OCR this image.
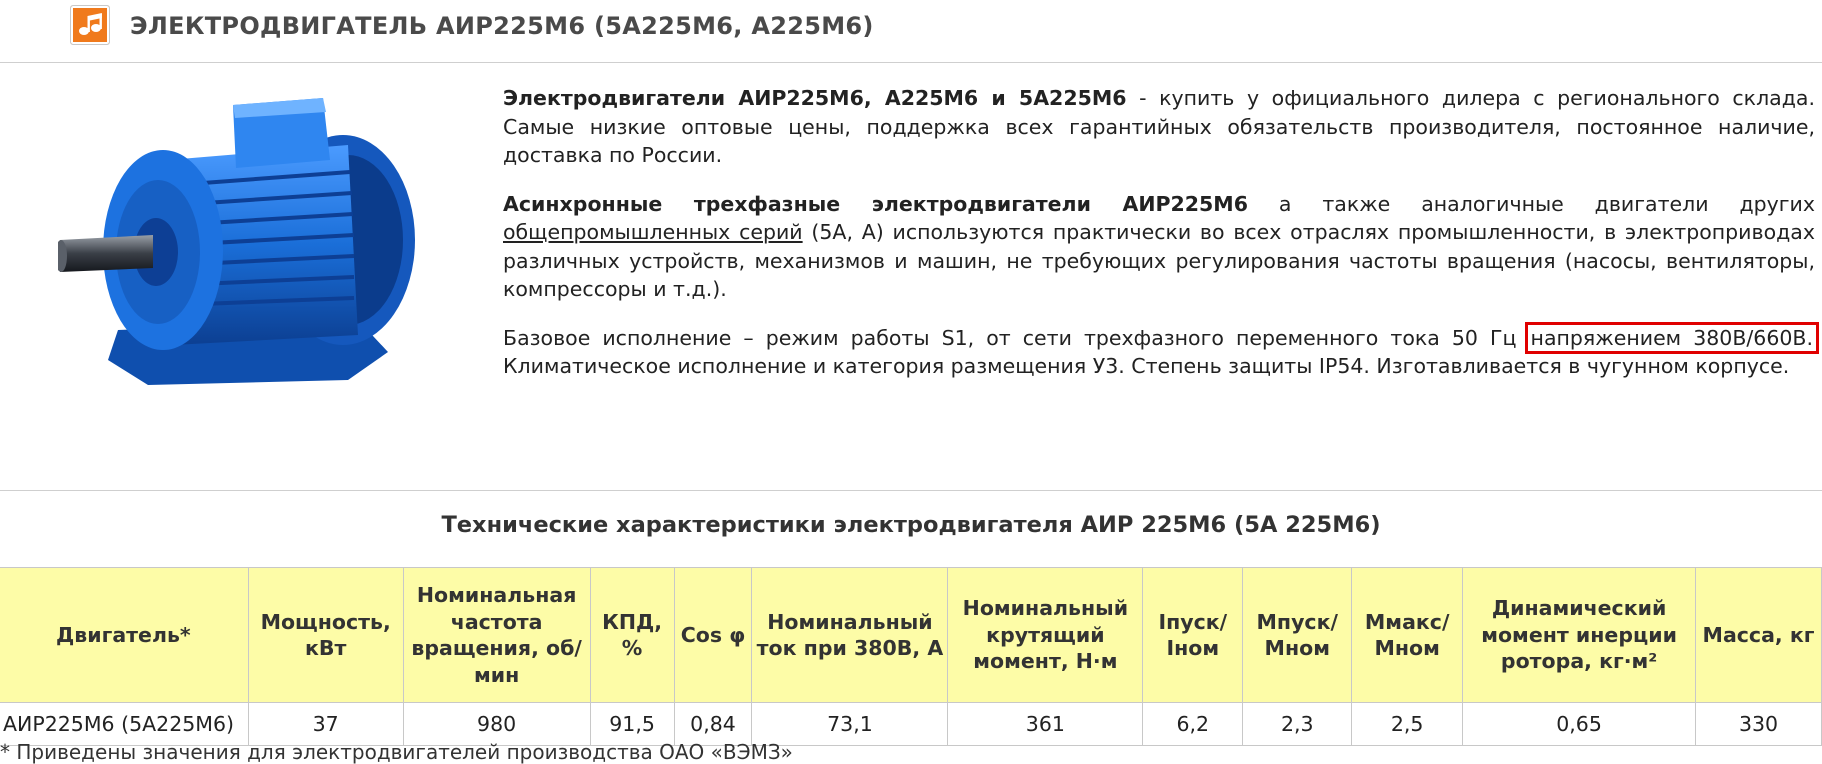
ЭЛЕКТРОДВИГАТЕЛЬ АИР225М6 (5А225М6, А225М6)

Электродвигатели АИР225М6, А225М6 и 5А225М6 - купить у официального дилера с регионального склада. Самые низкие оптовые цены, поддержка всех гарантийных обязательств производителя, постоянное наличие, доставка по России.

Асинхронные трехфазные электродвигатели АИР225М6 а также аналогичные двигатели других общепромышленных серий (5А, А) используются практически во всех отраслях промышленности, в электроприводах различных устройств, механизмов и машин, не требующих регулирования частоты вращения (насосы, вентиляторы, компрессоры и т.д.).

Базовое исполнение – режим работы S1, от сети трехфазного переменного тока 50 Гц напряжением 380В/660В. Климатическое исполнение и категория размещения У3. Степень защиты IP54. Изготавливается в чугунном корпусе.

Технические характеристики электродвигателя АИР 225М6 (5А 225М6)
Двигатель*	Мощность, кВт	Номинальная частота вращения, об/мин	КПД, %	Cos φ	Номинальный ток при 380В, А	Номинальный крутящий момент, Н·м	Iпуск/ Iном	Мпуск/ Мном	Ммакс/ Мном	Динамический момент инерции ротора, кг·м²	Масса, кг
АИР225М6 (5А225М6)	37	980	91,5	0,84	73,1	361	6,2	2,3	2,5	0,65	330
* Приведены значения для электродвигателей производства ОАО «ВЭМЗ»
